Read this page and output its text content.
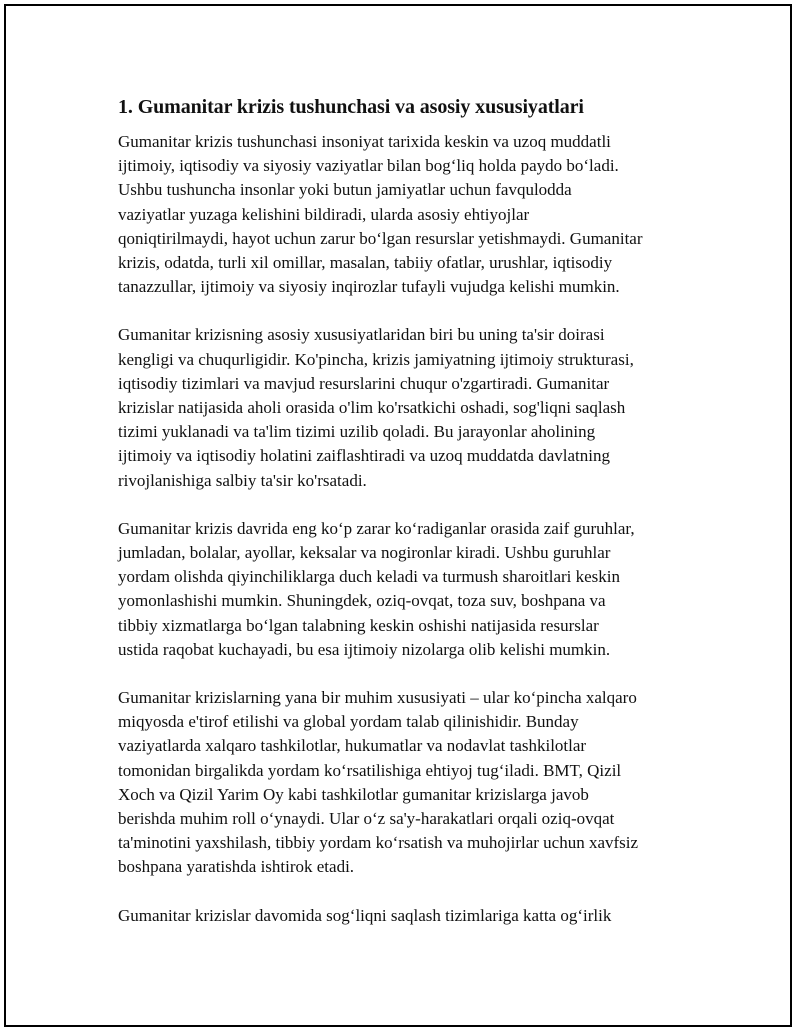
1. Gumanitar krizis tushunchasi va asosiy xususiyatlari

Gumanitar krizis tushunchasi insoniyat tarixida keskin va uzoq muddatli

ijtimoiy, iqtisodiy va siyosiy vaziyatlar bilan bog‘liq holda paydo bo‘ladi.

Ushbu tushuncha insonlar yoki butun jamiyatlar uchun favqulodda

vaziyatlar yuzaga kelishini bildiradi, ularda asosiy ehtiyojlar

qoniqtirilmaydi, hayot uchun zarur bo‘lgan resurslar yetishmaydi. Gumanitar

krizis, odatda, turli xil omillar, masalan, tabiiy ofatlar, urushlar, iqtisodiy

tanazzullar, ijtimoiy va siyosiy inqirozlar tufayli vujudga kelishi mumkin.

Gumanitar krizisning asosiy xususiyatlaridan biri bu uning ta'sir doirasi

kengligi va chuqurligidir. Ko'pincha, krizis jamiyatning ijtimoiy strukturasi,

iqtisodiy tizimlari va mavjud resurslarini chuqur o'zgartiradi. Gumanitar

krizislar natijasida aholi orasida o'lim ko'rsatkichi oshadi, sog'liqni saqlash

tizimi yuklanadi va ta'lim tizimi uzilib qoladi. Bu jarayonlar aholining

ijtimoiy va iqtisodiy holatini zaiflashtiradi va uzoq muddatda davlatning

rivojlanishiga salbiy ta'sir ko'rsatadi.

Gumanitar krizis davrida eng ko‘p zarar ko‘radiganlar orasida zaif guruhlar,

jumladan, bolalar, ayollar, keksalar va nogironlar kiradi. Ushbu guruhlar

yordam olishda qiyinchiliklarga duch keladi va turmush sharoitlari keskin

yomonlashishi mumkin. Shuningdek, oziq-ovqat, toza suv, boshpana va

tibbiy xizmatlarga bo‘lgan talabning keskin oshishi natijasida resurslar

ustida raqobat kuchayadi, bu esa ijtimoiy nizolarga olib kelishi mumkin.

Gumanitar krizislarning yana bir muhim xususiyati – ular ko‘pincha xalqaro

miqyosda e'tirof etilishi va global yordam talab qilinishidir. Bunday

vaziyatlarda xalqaro tashkilotlar, hukumatlar va nodavlat tashkilotlar

tomonidan birgalikda yordam ko‘rsatilishiga ehtiyoj tug‘iladi. BMT, Qizil

Xoch va Qizil Yarim Oy kabi tashkilotlar gumanitar krizislarga javob

berishda muhim roll o‘ynaydi. Ular o‘z sa'y-harakatlari orqali oziq-ovqat

ta'minotini yaxshilash, tibbiy yordam ko‘rsatish va muhojirlar uchun xavfsiz

boshpana yaratishda ishtirok etadi.

Gumanitar krizislar davomida sog‘liqni saqlash tizimlariga katta og‘irlik
